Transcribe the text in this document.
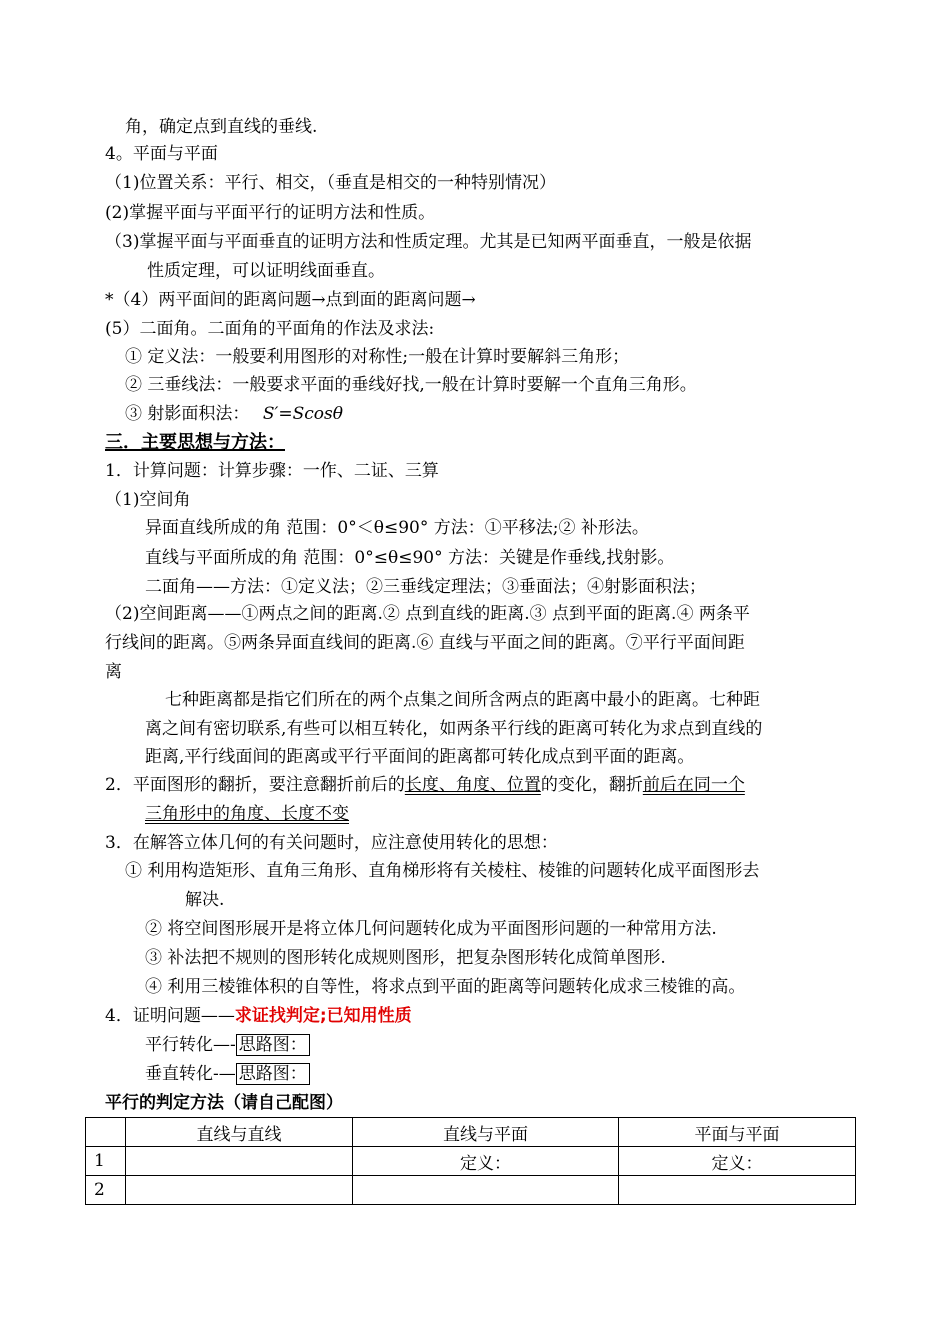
角，确定点到直线的垂线.
4。平面与平面
（1)位置关系：平行、相交，（垂直是相交的一种特别情况）
(2)掌握平面与平面平行的证明方法和性质。
（3)掌握平面与平面垂直的证明方法和性质定理。尤其是已知两平面垂直，一般是依据
性质定理，可以证明线面垂直。
*（4）两平面间的距离问题→点到面的距离问题→
(5）二面角。二面角的平面角的作法及求法:
① 定义法：一般要利用图形的对称性;一般在计算时要解斜三角形；
② 三垂线法：一般要求平面的垂线好找,一般在计算时要解一个直角三角形。
③ 射影面积法： S′=Scosθ
三．主要思想与方法：
1．计算问题：计算步骤：一作、二证、三算
（1)空间角
异面直线所成的角 范围：0°＜θ≤90° 方法：①平移法;② 补形法。
直线与平面所成的角 范围：0°≤θ≤90° 方法：关键是作垂线,找射影。
二面角——方法：①定义法；②三垂线定理法；③垂面法；④射影面积法；
（2)空间距离——①两点之间的距离.② 点到直线的距离.③ 点到平面的距离.④ 两条平
行线间的距离。⑤两条异面直线间的距离.⑥ 直线与平面之间的距离。⑦平行平面间距
离
七种距离都是指它们所在的两个点集之间所含两点的距离中最小的距离。七种距
离之间有密切联系,有些可以相互转化，如两条平行线的距离可转化为求点到直线的
距离,平行线面间的距离或平行平面间的距离都可转化成点到平面的距离。
2．平面图形的翻折，要注意翻折前后的长度、角度、位置的变化，翻折前后在同一个
三角形中的角度、长度不变
3．在解答立体几何的有关问题时，应注意使用转化的思想：
① 利用构造矩形、直角三角形、直角梯形将有关棱柱、棱锥的问题转化成平面图形去
解决.
② 将空间图形展开是将立体几何问题转化成为平面图形问题的一种常用方法.
③ 补法把不规则的图形转化成规则图形，把复杂图形转化成简单图形.
④ 利用三棱锥体积的自等性，将求点到平面的距离等问题转化成求三棱锥的高。
4．证明问题——求证找判定;已知用性质
平行转化—- 思路图：
垂直转化-— 思路图：
平行的判定方法（请自己配图）
	直线与直线	直线与平面	平面与平面
1		定义：	定义：
2			
